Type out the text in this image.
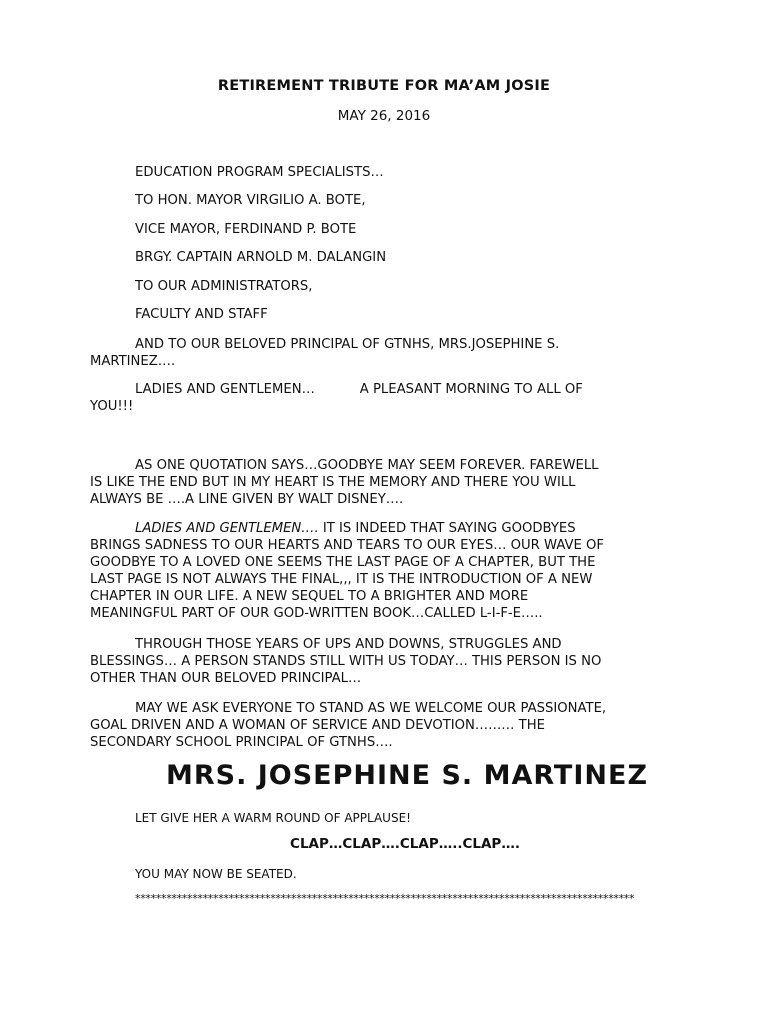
RETIREMENT TRIBUTE FOR MA’AM JOSIE
MAY 26, 2016
EDUCATION PROGRAM SPECIALISTS…
TO HON. MAYOR VIRGILIO A. BOTE,
VICE MAYOR, FERDINAND P. BOTE
BRGY. CAPTAIN ARNOLD M. DALANGIN
TO OUR ADMINISTRATORS,
FACULTY AND STAFF
AND TO OUR BELOVED PRINCIPAL OF GTNHS, MRS.JOSEPHINE S.
MARTINEZ….
LADIES AND GENTLEMEN…	A PLEASANT MORNING TO ALL OF
YOU!!!
AS ONE QUOTATION SAYS…GOODBYE MAY SEEM FOREVER. FAREWELL
IS LIKE THE END BUT IN MY HEART IS THE MEMORY AND THERE YOU WILL
ALWAYS BE ….A LINE GIVEN BY WALT DISNEY….
LADIES AND GENTLEMEN…. IT IS INDEED THAT SAYING GOODBYES
BRINGS SADNESS TO OUR HEARTS AND TEARS TO OUR EYES… OUR WAVE OF
GOODBYE TO A LOVED ONE SEEMS THE LAST PAGE OF A CHAPTER, BUT THE
LAST PAGE IS NOT ALWAYS THE FINAL,,, IT IS THE INTRODUCTION OF A NEW
CHAPTER IN OUR LIFE. A NEW SEQUEL TO A BRIGHTER AND MORE
MEANINGFUL PART OF OUR GOD-WRITTEN BOOK…CALLED L-I-F-E…..
THROUGH THOSE YEARS OF UPS AND DOWNS, STRUGGLES AND
BLESSINGS… A PERSON STANDS STILL WITH US TODAY… THIS PERSON IS NO
OTHER THAN OUR BELOVED PRINCIPAL…
MAY WE ASK EVERYONE TO STAND AS WE WELCOME OUR PASSIONATE,
GOAL DRIVEN AND A WOMAN OF SERVICE AND DEVOTION……… THE
SECONDARY SCHOOL PRINCIPAL OF GTNHS….
MRS. JOSEPHINE S. MARTINEZ
LET GIVE HER A WARM ROUND OF APPLAUSE!
CLAP…CLAP….CLAP…..CLAP….
YOU MAY NOW BE SEATED.
************************************************************************************************
